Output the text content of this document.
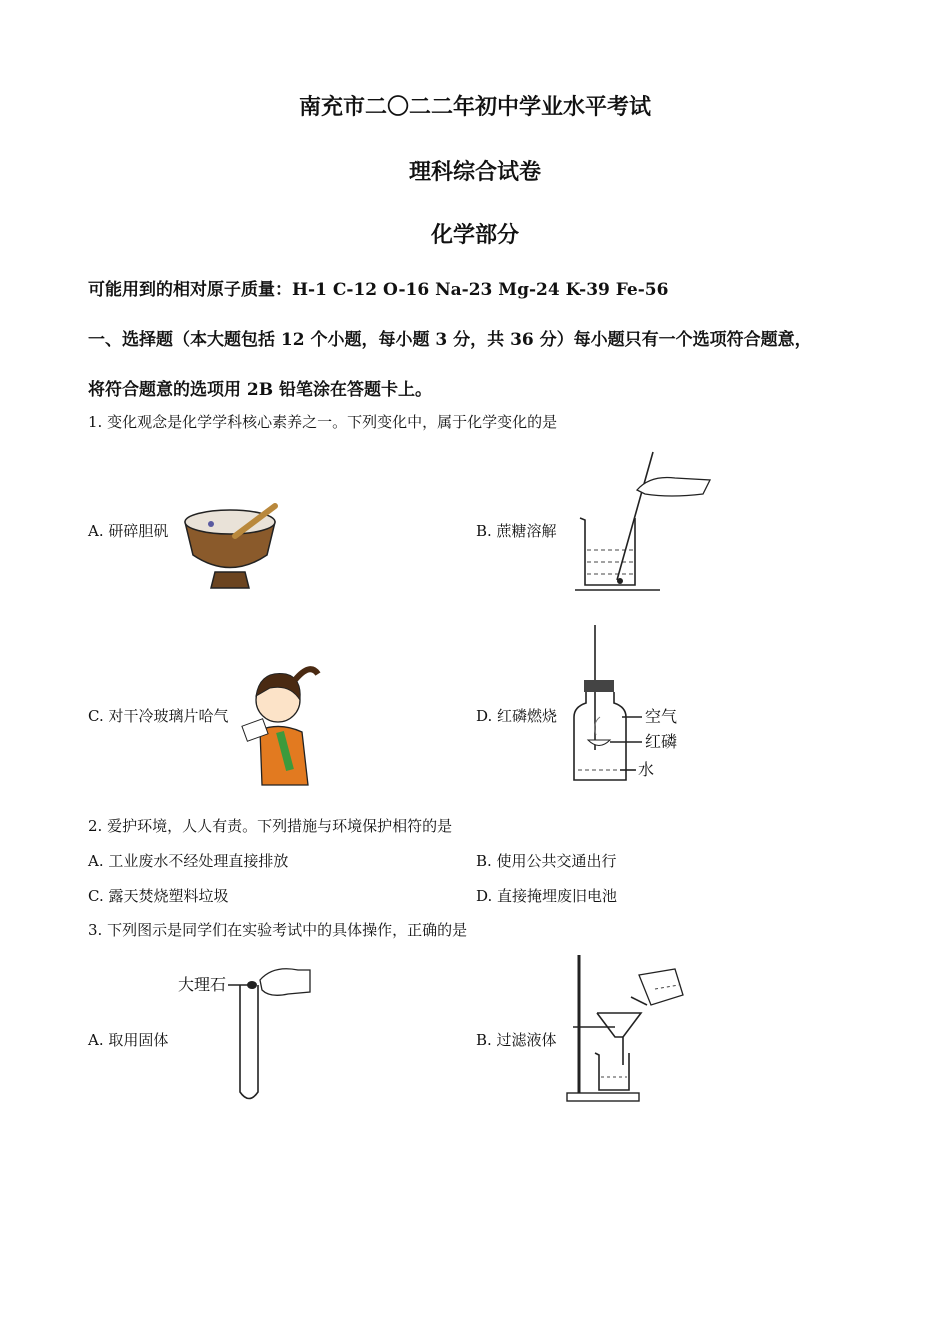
南充市二〇二二年初中学业水平考试
理科综合试卷
化学部分
可能用到的相对原子质量：H-1 C-12 O-16 Na-23 Mg-24 K-39 Fe-56
一、选择题（本大题包括 12 个小题，每小题 3 分，共 36 分）每小题只有一个选项符合题意，
将符合题意的选项用 2B 铅笔涂在答题卡上。
1. 变化观念是化学学科核心素养之一。下列变化中，属于化学变化的是
A. 研碎胆矾	B. 蔗糖溶解
C. 对干冷玻璃片哈气	D. 红磷燃烧	空气
红磷
水
2. 爱护环境，人人有责。下列措施与环境保护相符的是
A. 工业废水不经处理直接排放	B. 使用公共交通出行
C. 露天焚烧塑料垃圾	D. 直接掩埋废旧电池
3. 下列图示是同学们在实验考试中的具体操作，正确的是
A. 取用固体
大理石
B. 过滤液体
